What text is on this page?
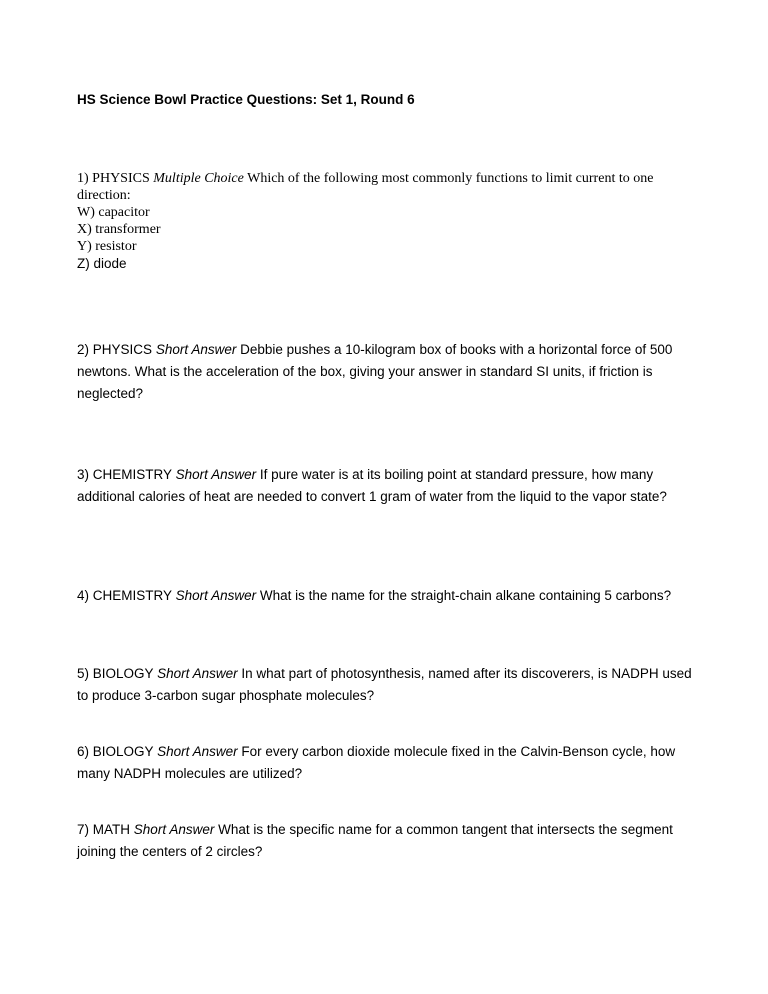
HS Science Bowl Practice Questions: Set 1, Round 6

1) PHYSICS Multiple Choice Which of the following most commonly functions to limit current to one direction:
W) capacitor
X) transformer
Y) resistor
Z) diode

2) PHYSICS Short Answer Debbie pushes a 10-kilogram box of books with a horizontal force of 500 newtons. What is the acceleration of the box, giving your answer in standard SI units, if friction is neglected?

3) CHEMISTRY Short Answer If pure water is at its boiling point at standard pressure, how many additional calories of heat are needed to convert 1 gram of water from the liquid to the vapor state?

4) CHEMISTRY Short Answer What is the name for the straight-chain alkane containing 5 carbons?

5) BIOLOGY Short Answer In what part of photosynthesis, named after its discoverers, is NADPH used to produce 3-carbon sugar phosphate molecules?

6) BIOLOGY Short Answer For every carbon dioxide molecule fixed in the Calvin-Benson cycle, how many NADPH molecules are utilized?

7) MATH Short Answer What is the specific name for a common tangent that intersects the segment joining the centers of 2 circles?
